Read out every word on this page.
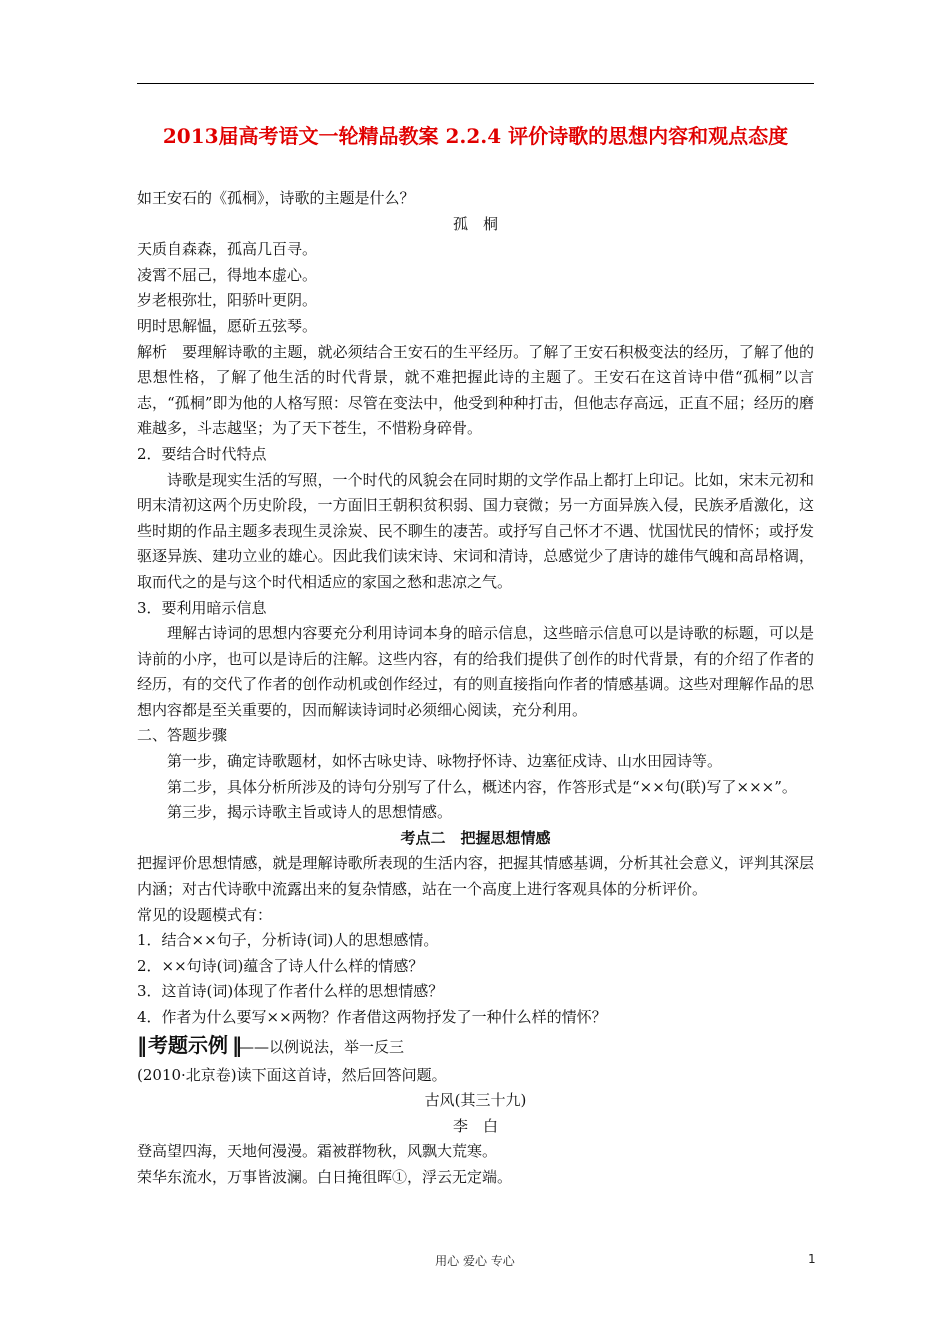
2013届高考语文一轮精品教案 2.2.4 评价诗歌的思想内容和观点态度

如王安石的《孤桐》，诗歌的主题是什么？

孤　桐

天质自森森，孤高几百寻。

凌霄不屈己，得地本虚心。

岁老根弥壮，阳骄叶更阴。

明时思解愠，愿斫五弦琴。

解析　要理解诗歌的主题，就必须结合王安石的生平经历。了解了王安石积极变法的经历，了解了他的思想性格，了解了他生活的时代背景，就不难把握此诗的主题了。王安石在这首诗中借“孤桐”以言志，“孤桐”即为他的人格写照：尽管在变法中，他受到种种打击，但他志存高远，正直不屈；经历的磨难越多，斗志越坚；为了天下苍生，不惜粉身碎骨。

2．要结合时代特点

诗歌是现实生活的写照，一个时代的风貌会在同时期的文学作品上都打上印记。比如，宋末元初和明末清初这两个历史阶段，一方面旧王朝积贫积弱、国力衰微；另一方面异族入侵，民族矛盾激化，这些时期的作品主题多表现生灵涂炭、民不聊生的凄苦。或抒写自己怀才不遇、忧国忧民的情怀；或抒发驱逐异族、建功立业的雄心。因此我们读宋诗、宋词和清诗，总感觉少了唐诗的雄伟气魄和高昂格调，取而代之的是与这个时代相适应的家国之愁和悲凉之气。

3．要利用暗示信息

理解古诗词的思想内容要充分利用诗词本身的暗示信息，这些暗示信息可以是诗歌的标题，可以是诗前的小序，也可以是诗后的注解。这些内容，有的给我们提供了创作的时代背景，有的介绍了作者的经历，有的交代了作者的创作动机或创作经过，有的则直接指向作者的情感基调。这些对理解作品的思想内容都是至关重要的，因而解读诗词时必须细心阅读，充分利用。

二、答题步骤

第一步，确定诗歌题材，如怀古咏史诗、咏物抒怀诗、边塞征戍诗、山水田园诗等。

第二步，具体分析所涉及的诗句分别写了什么，概述内容，作答形式是“××句(联)写了×××”。

第三步，揭示诗歌主旨或诗人的思想情感。

考点二　把握思想情感

把握评价思想情感，就是理解诗歌所表现的生活内容，把握其情感基调，分析其社会意义，评判其深层内涵；对古代诗歌中流露出来的复杂情感，站在一个高度上进行客观具体的分析评价。

常见的设题模式有：

1．结合××句子，分析诗(词)人的思想感情。

2．××句诗(词)蕴含了诗人什么样的情感？

3．这首诗(词)体现了作者什么样的思想情感？

4．作者为什么要写××两物？作者借这两物抒发了一种什么样的情怀？

‖ 考题示例 ‖ ——以例说法，举一反三

(2010·北京卷)读下面这首诗，然后回答问题。

古风(其三十九)

李　白

登高望四海，天地何漫漫。霜被群物秋，风飘大荒寒。

荣华东流水，万事皆波澜。白日掩徂晖①，浮云无定端。

用心 爱心 专心	1
